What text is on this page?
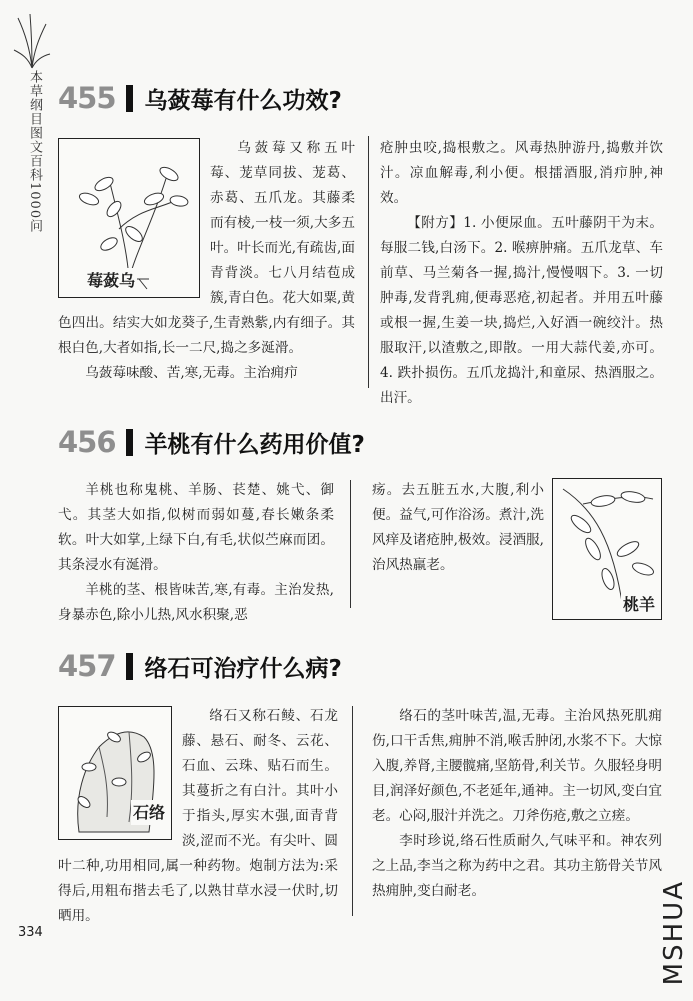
本草纲目图文百科1000问 455 乌蔹莓有什么功效?
莓蔹乌

乌蔹莓又称五叶莓、茏草同拔、茏葛、赤葛、五爪龙。其藤柔而有棱,一枝一须,大多五叶。叶长而光,有疏齿,面青背淡。七八月结苞成簇,青白色。花大如粟,黄色四出。结实大如龙葵子,生青熟紫,内有细子。其根白色,大者如指,长一二尺,捣之多涎滑。

乌蔹莓味酸、苦,寒,无毒。主治痈疖

疮肿虫咬,捣根敷之。风毒热肿游丹,捣敷并饮汁。凉血解毒,利小便。根擂酒服,消疖肿,神效。

【附方】1. 小便尿血。五叶藤阴干为末。每服二钱,白汤下。2. 喉痹肿痛。五爪龙草、车前草、马兰菊各一握,捣汁,慢慢咽下。3. 一切肿毒,发背乳痈,便毒恶疮,初起者。并用五叶藤或根一握,生姜一块,捣烂,入好酒一碗绞汁。热服取汗,以渣敷之,即散。一用大蒜代姜,亦可。4. 跌扑损伤。五爪龙捣汁,和童尿、热酒服之。出汗。

456 羊桃有什么药用价值?

羊桃也称鬼桃、羊肠、苌楚、姚弋、御弋。其茎大如指,似树而弱如蔓,春长嫩条柔软。叶大如掌,上绿下白,有毛,状似苎麻而团。其条浸水有涎滑。

羊桃的茎、根皆味苦,寒,有毒。主治发热,身暴赤色,除小儿热,风水积聚,恶

桃羊

疡。去五脏五水,大腹,利小便。益气,可作浴汤。煮汁,洗风痒及诸疮肿,极效。浸酒服,治风热羸老。

457 络石可治疗什么病?
石络

络石又称石鲮、石龙藤、悬石、耐冬、云花、石血、云珠、贴石而生。其蔓折之有白汁。其叶小于指头,厚实木强,面青背淡,涩而不光。有尖叶、圆叶二种,功用相同,属一种药物。炮制方法为:采得后,用粗布揩去毛了,以熟甘草水浸一伏时,切晒用。

络石的茎叶味苦,温,无毒。主治风热死肌痈伤,口干舌焦,痈肿不消,喉舌肿闭,水浆不下。大惊入腹,养肾,主腰髋痛,坚筋骨,利关节。久服轻身明目,润泽好颜色,不老延年,通神。主一切风,变白宜老。心闷,服汁并洗之。刀斧伤疮,敷之立瘥。

李时珍说,络石性质耐久,气味平和。神农列之上品,李当之称为药中之君。其功主筋骨关节风热痈肿,变白耐老。

334	MSHUA
